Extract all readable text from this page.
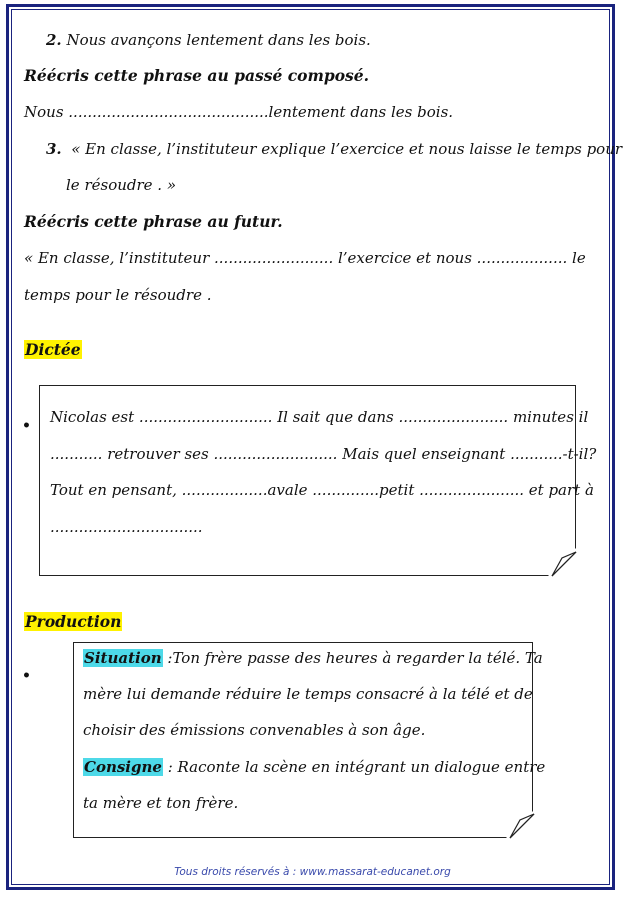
2. Nous avançons lentement dans les bois.
Réécris cette phrase au passé composé.
Nous ..........................................lentement dans les bois.
3. « En classe, l’instituteur explique l’exercice et nous laisse le temps pour
le résoudre . »
Réécris cette phrase au futur.
« En classe, l’instituteur ......................... l’exercice et nous ................... le
temps pour le résoudre .
Dictée
• Nicolas est ............................ Il sait que dans ....................... minutes il
........... retrouver ses .......................... Mais quel enseignant ...........-t-il?
Tout en pensant, ..................avale ..............petit ...................... et part à
................................
Production
•
Situation :Ton frère passe des heures à regarder la télé. Ta
mère lui demande réduire le temps consacré à la télé et de
choisir des émissions convenables à son âge.
Consigne : Raconte la scène en intégrant un dialogue entre
ta mère et ton frère.
Tous droits réservés à : www.massarat-educanet.org
